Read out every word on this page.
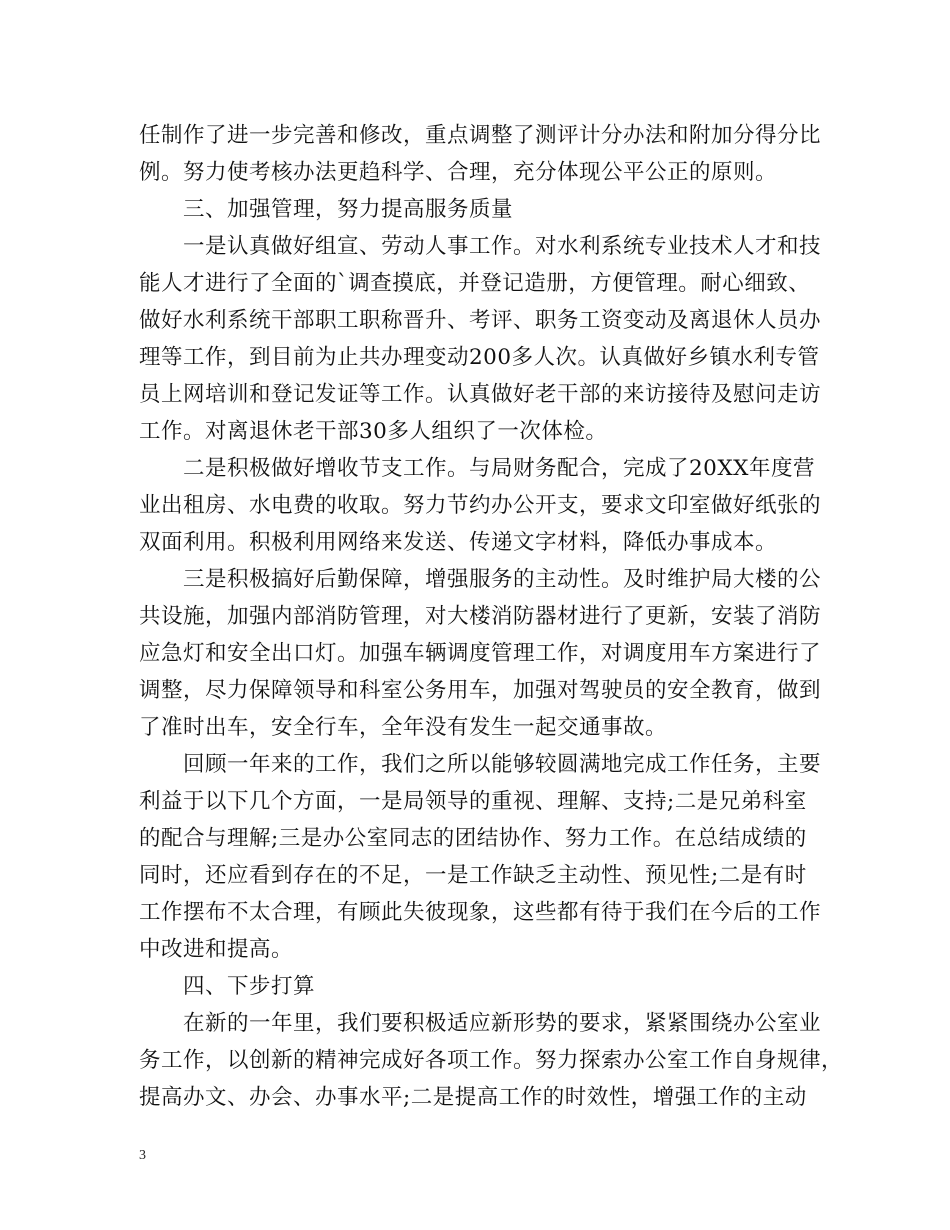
任制作了进一步完善和修改，重点调整了测评计分办法和附加分得分比
例。努力使考核办法更趋科学、合理，充分体现公平公正的原则。
三、加强管理，努力提高服务质量
一是认真做好组宣、劳动人事工作。对水利系统专业技术人才和技
能人才进行了全面的`调查摸底，并登记造册，方便管理。耐心细致、
做好水利系统干部职工职称晋升、考评、职务工资变动及离退休人员办
理等工作，到目前为止共办理变动200多人次。认真做好乡镇水利专管
员上网培训和登记发证等工作。认真做好老干部的来访接待及慰问走访
工作。对离退休老干部30多人组织了一次体检。
二是积极做好增收节支工作。与局财务配合，完成了20XX年度营
业出租房、水电费的收取。努力节约办公开支，要求文印室做好纸张的
双面利用。积极利用网络来发送、传递文字材料，降低办事成本。
三是积极搞好后勤保障，增强服务的主动性。及时维护局大楼的公
共设施，加强内部消防管理，对大楼消防器材进行了更新，安装了消防
应急灯和安全出口灯。加强车辆调度管理工作，对调度用车方案进行了
调整，尽力保障领导和科室公务用车，加强对驾驶员的安全教育，做到
了准时出车，安全行车，全年没有发生一起交通事故。
回顾一年来的工作，我们之所以能够较圆满地完成工作任务，主要
利益于以下几个方面，一是局领导的重视、理解、支持;二是兄弟科室
的配合与理解;三是办公室同志的团结协作、努力工作。在总结成绩的
同时，还应看到存在的不足，一是工作缺乏主动性、预见性;二是有时
工作摆布不太合理，有顾此失彼现象，这些都有待于我们在今后的工作
中改进和提高。
四、下步打算
在新的一年里，我们要积极适应新形势的要求，紧紧围绕办公室业
务工作，以创新的精神完成好各项工作。努力探索办公室工作自身规律，
提高办文、办会、办事水平;二是提高工作的时效性，增强工作的主动
3
